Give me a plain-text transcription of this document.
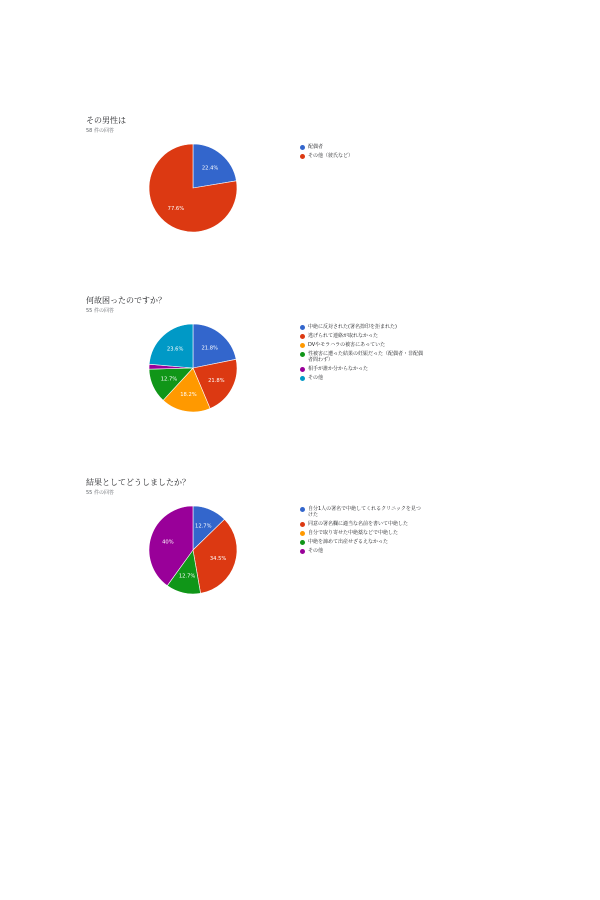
その男性は
58 件の回答
22.4%
77.6%
配偶者
その他（彼氏など）
何故困ったのですか？
55 件の回答
21.8%
21.8%
18.2%
12.7%
23.6%
中絶に反対された(署名捺印を拒まれた)
逃げられて連絡が取れなかった
DVやモラハラの被害にあっていた
性被害に遭った結果の妊娠だった（配偶者・非配偶者問わず）
相手が誰か分からなかった
その他
結果としてどうしましたか？
55 件の回答
12.7%
34.5%
12.7%
40%
自分1人の署名で中絶してくれるクリニックを見つけた
同意の署名欄に適当な名前を書いて中絶した
自分で取り寄せた中絶薬などで中絶した
中絶を諦めて出産せざるえなかった
その他
